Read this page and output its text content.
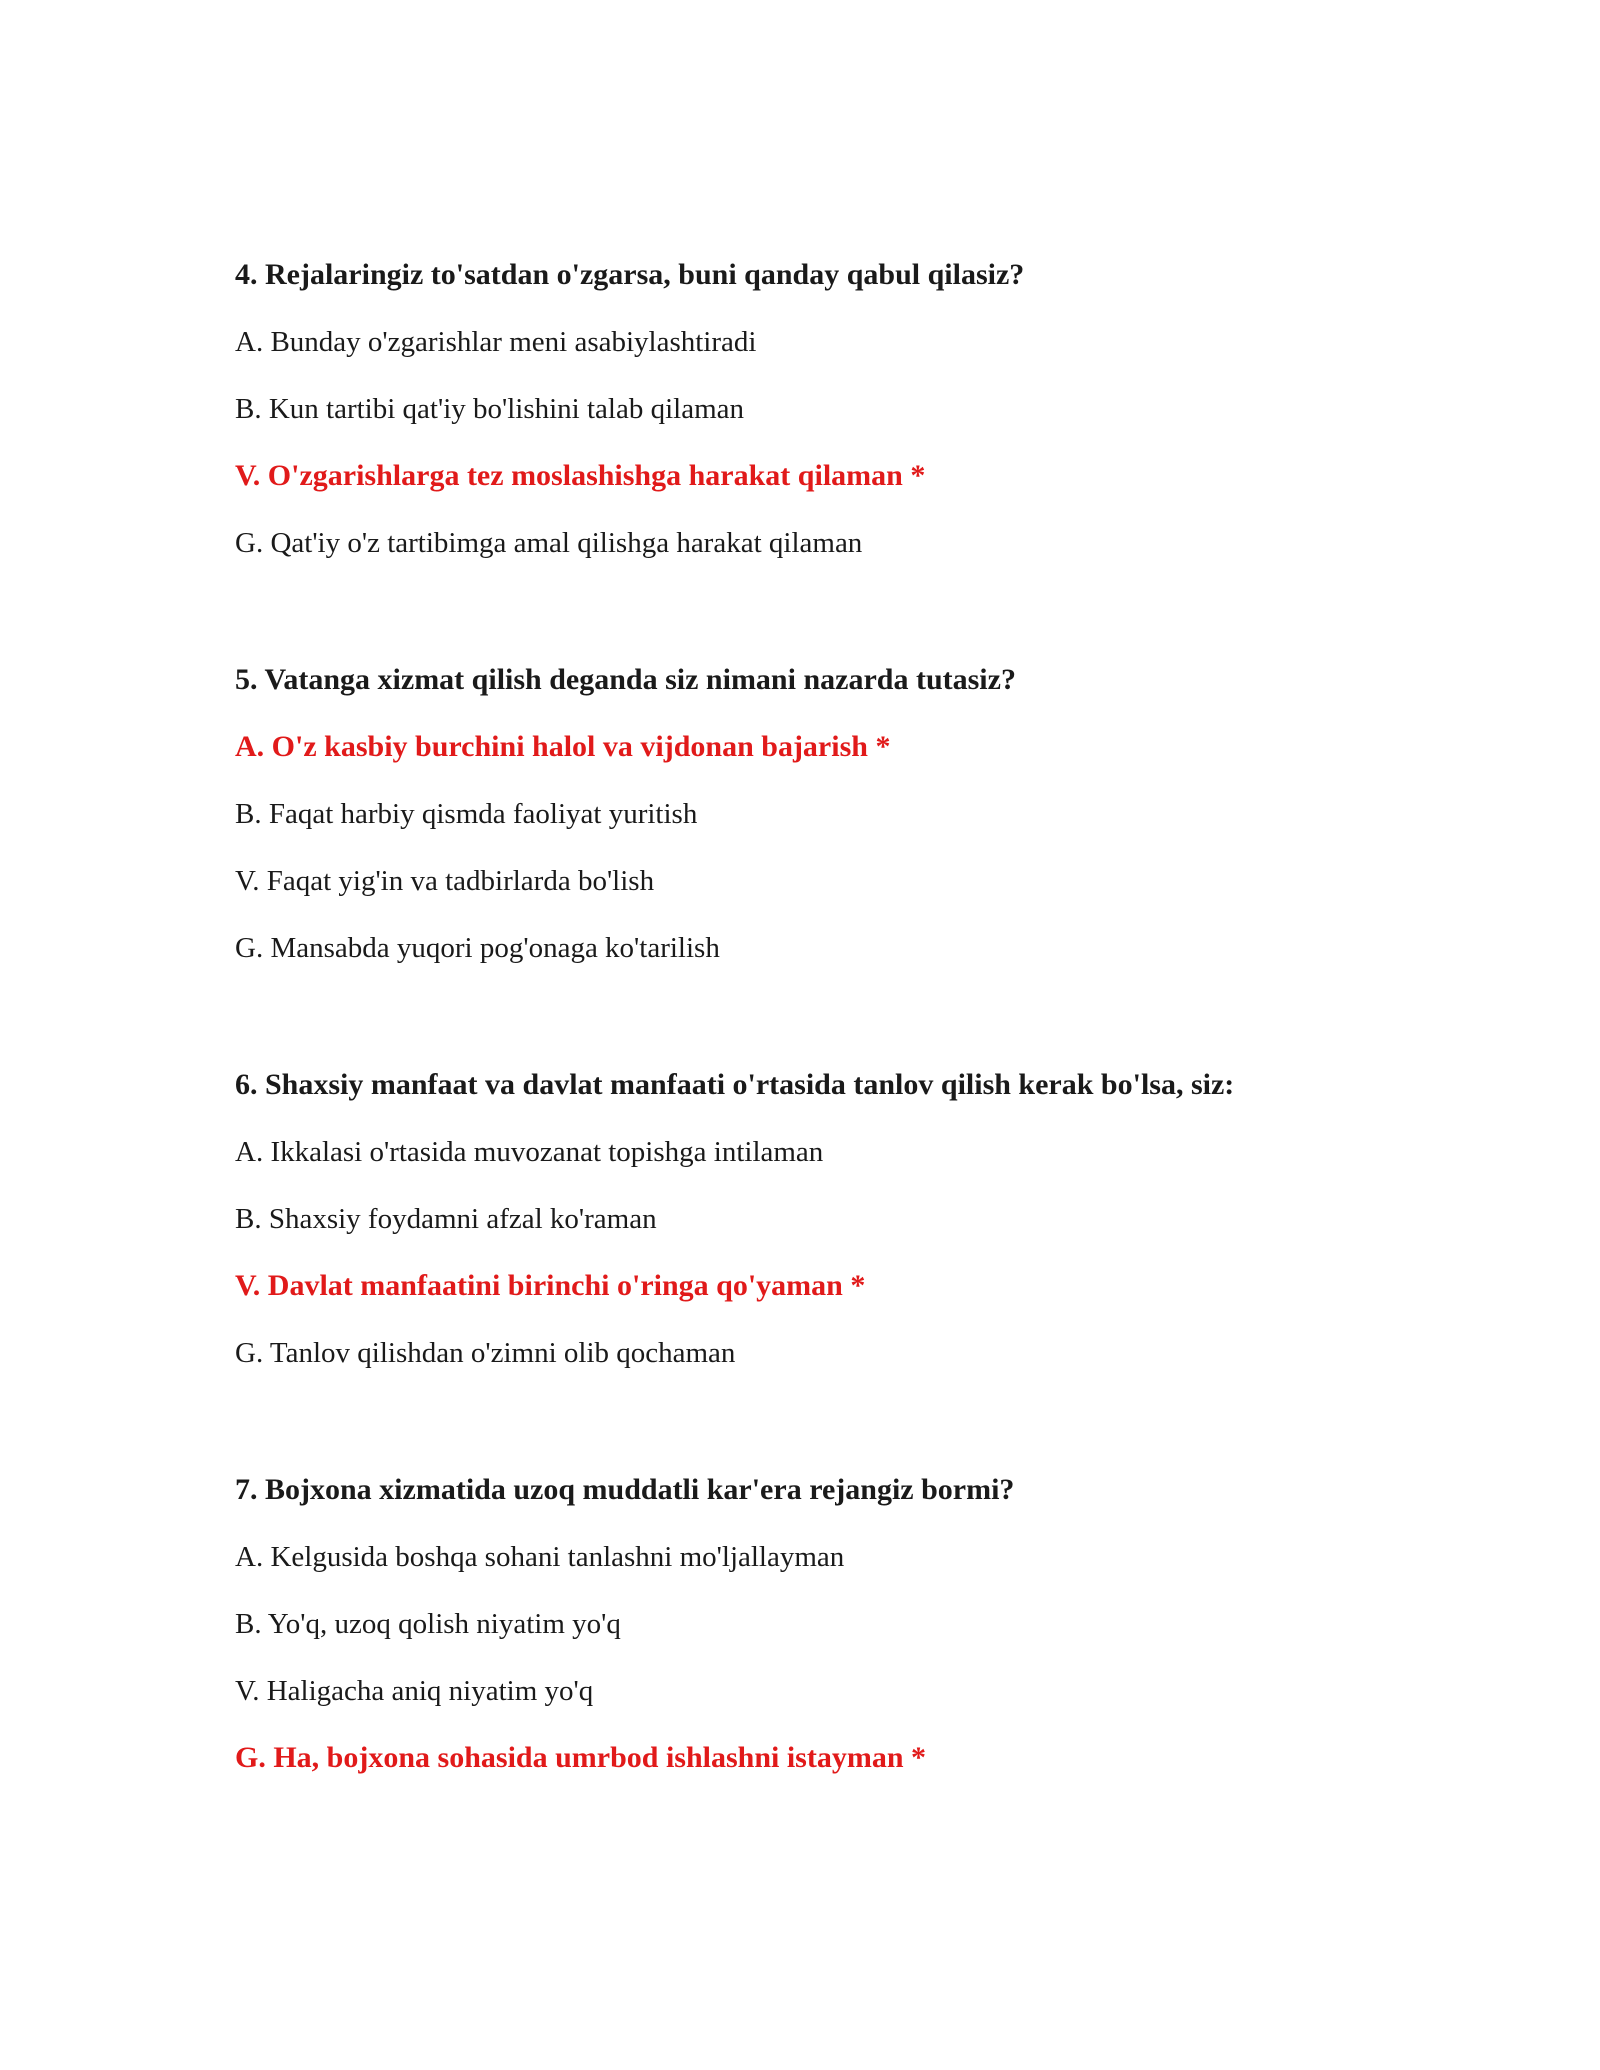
4. Rejalaringiz to'satdan o'zgarsa, buni qanday qabul qilasiz?

A. Bunday o'zgarishlar meni asabiylashtiradi

B. Kun tartibi qat'iy bo'lishini talab qilaman

V. O'zgarishlarga tez moslashishga harakat qilaman *

G. Qat'iy o'z tartibimga amal qilishga harakat qilaman

5. Vatanga xizmat qilish deganda siz nimani nazarda tutasiz?

A. O'z kasbiy burchini halol va vijdonan bajarish *

B. Faqat harbiy qismda faoliyat yuritish

V. Faqat yig'in va tadbirlarda bo'lish

G. Mansabda yuqori pog'onaga ko'tarilish

6. Shaxsiy manfaat va davlat manfaati o'rtasida tanlov qilish kerak bo'lsa, siz:

A. Ikkalasi o'rtasida muvozanat topishga intilaman

B. Shaxsiy foydamni afzal ko'raman

V. Davlat manfaatini birinchi o'ringa qo'yaman *

G. Tanlov qilishdan o'zimni olib qochaman

7. Bojxona xizmatida uzoq muddatli kar'era rejangiz bormi?

A. Kelgusida boshqa sohani tanlashni mo'ljallayman

B. Yo'q, uzoq qolish niyatim yo'q

V. Haligacha aniq niyatim yo'q

G. Ha, bojxona sohasida umrbod ishlashni istayman *
